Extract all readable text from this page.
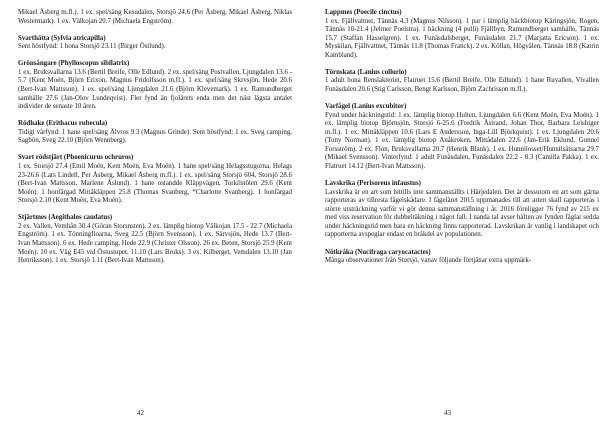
Mikael Åsberg m.fl.). 1 ex. spel/säng Kesudalen, Storsjö 24.6 (Per Åsberg, Mikael Åsberg, Niklas Westermark). 1 ex. Välkojan 20.7 (Michaela Engström).
Svarthätta (Sylvia atricapilla)
Sent höstfynd: 1 hona Storsjö 23.11 (Birger Östlund).
Grönsångare (Phylloscopus sibilatrix)
1 ex. Bruksvallarna 13.6 (Bertil Breife, Olle Edlund). 2 ex. spel/säng Postvallen, Ljungdalen 13.6 - 5.7 (Kent Moén, Björn Erixon, Magnus Fridolfsson m.fl.). 1 ex. spel/säng Skrvsjön, Hede 20.6 (Bert-Ivan Mattsson). 1 ex. spel/säng Ljungdalen 21.6 (Björn Klevemark). 1 ex. Ramundberget samhälle 27.6 (Jan-Olov Lundeqvist). Fler fynd än fjolårets enda men det näst lägsta antalet individer de senaste 10 åren.
Rödhake (Erithacus rubecula)
Tidigt vårfynd: 1 hane spel/säng Älvros 9.3 (Magnus Grinde). Sent höstfynd: 1 ex. Sveg camping, Sagbön, Sveg 22.10 (Björn Wennberg).
Svart rödstjärt (Phoenicurus ochruros)
1 ex. Storsjö 27.4 (Emil Moén, Kent Moén, Eva Moén). 1 hane spel/säng Helagsstugorna, Helags 23-26.6 (Lars Lindell, Per Åsberg, Mikael Åsberg m.fl.). 1 ex. spel/säng Storsjö 604, Storsjö 28.6 (Bert-Ivan Mattsson, Marlene Åslund). 1 hane ostandde Kläppvägen, Torkilstöten 29.6 (Kent Moén). 1 honfärgad Mittåkläppen 25.8 (Thomas Svanberg, *Charlotte Svanberg). 1 honfärgad Storsjö 2.10 (Kent Moén, Eva Moén).
Stjärtmes (Aegithalos caudatus)
2 ex. Vallen, Vemhån 30.4 (Göran Storsnsten). 2 ex. lämplig biotop Välkojan 17.5 - 22.7 (Michaela Engström). 1 ex. Tönningfloarna, Sveg 22.5 (Björn Svensson). 1 ex. Särvsjön, Hede 13.7 (Bert-Ivan Mattsson). 6 ex. Hede camping, Hede 22.9 (Christer Olsson). 26 ex. Beten, Storsjö 25.9 (Kent Moén). 10 ex. Väg E45 vid Östustupet. 11.10 (Lars Bruks). 3 ex. Kilberget, Vemdalen 13.10 (Jan Henriksson). 1 ex. Storsjö 1.11 (Bert-Ivan Mattsson).
42
Lappmes (Poecile cinctus)
1 ex. Fjällvattnet, Tännäs 4.3 (Magnus Nilsson). 1 par i lämplig häckbiotop Käringsjön, Rogen, Tännäs 10-21.4 (Jelmer Poelstra). 1 häckning (4 pulli) Fjällbyn, Ramundberget samhälle, Tännäs 15.7 (Staffan Hasselgren). 1 ex. Funäsdalsberget, Funäsdalen 21.7 (Marjatta Ericson). 1 ex. Myskilan, Fjällvattnet, Tännäs 11.8 (Thomas Franck). 2 ex. Köllan, Högvålen, Tännäs 18.8 (Katrin Kambland).
Törnskata (Lanius collurio)
1 adult hona Renslakteriet, Flatruet 15.6 (Bertil Breife, Olle Edlund). 1 hane Ruvallen, Vivallen Funäsdalen 20.6 (Stig Carlsson, Bengt Karlsson, Björn Zachrisson m.fl.).
Varfågel (Lanius excubitor)
Fynd under häckningstid: 1 ex. lämplig biotop Hulten, Ljungdalen 6.6 (Kent Moén, Eva Moén). 1 ex. lämplig biotop Björnsjön, Storsjö 6-25.6 (Fredrik Åstrand, Johan Thor, Barbara Leisbiger m.fl.). 1 ex. Mittåkläppen 10.6 (Lars E Andersson, Inga-Lill Björkquist). 1 ex. Ljungdalen 20.6 (Tony Norman). 1 ex. lämplig biotop Anåkroken, Mittådalen 22.6 (Jan-Erik Eklund, Gunnel Forsström). 2 ex. Flon, Bruksvallarna 20.7 (Henrik Blank). 1 ex. Hunnilosset/Hunnilsåtsarna 29.7 (Mikael Svensson). Vinterfynd: 1 adult Funäsdalen, Funäsdalen 22.2 - 8.3 (Camilla Pakka). 1 ex. Flatruet 14.12 (Bert-Ivan Mattsson).
Lavskrika (Perisoreus infaustus)
Lavskrika är en art som hittills inte sammanställts i Härjedalen. Det är dessutom en art som gärna rapporteras av tillresta fågelskådare. I fågelåret 2015 uppmanades till att arten skall rapporteras i större utsträckning varför vi gör denna sammanställning i år. 2016 föreligger 76 fynd av 215 ex med viss reservation för dubbelräkning i något fall. I nanda tal avser häften av fynden fåglar sedda under häckningstid men bara en häckning finns rapporterad. Lavskrikan är vanlig i landskapet och rapporterna avspeglar endast en bråkdel av populationen.
Nötkråka (Nucifraga caryocatactes)
Många observationer från Storsjö, vanav följande förtjänar extra uppmärk-
43
